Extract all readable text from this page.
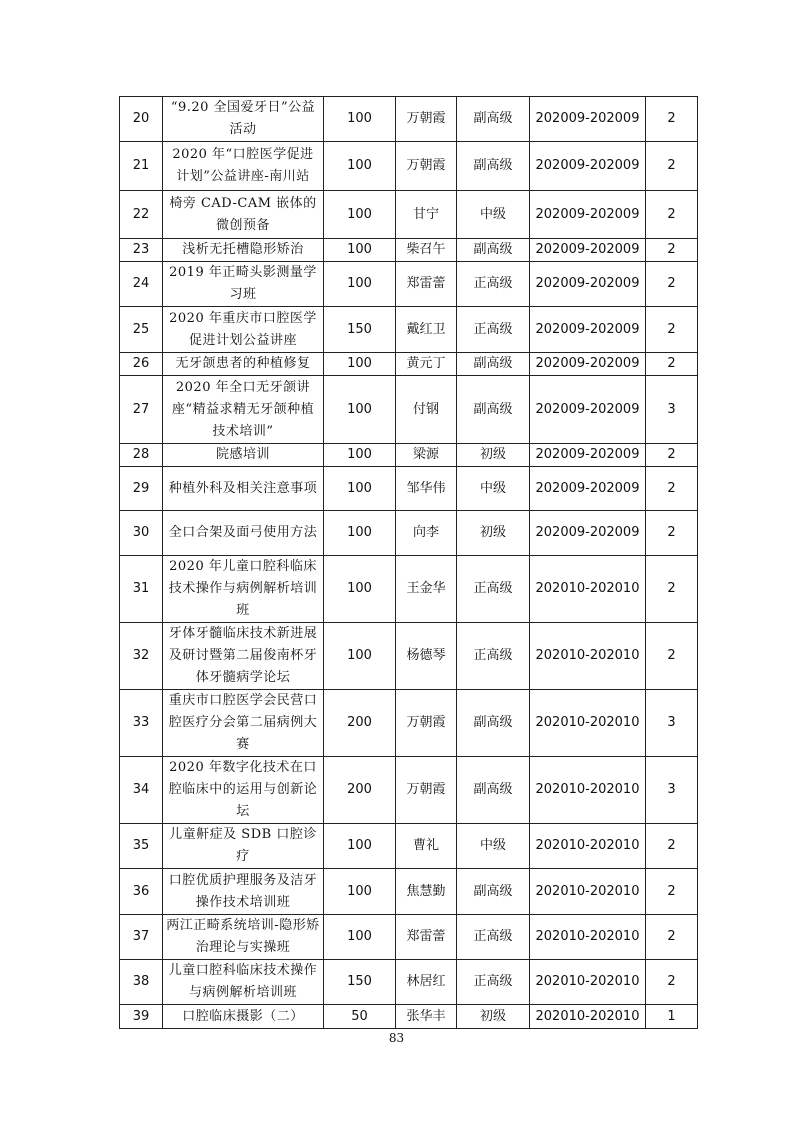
20	“9.20 全国爱牙日”公益活动	100	万朝霞	副高级	202009-202009	2
21	2020 年“口腔医学促进计划”公益讲座-南川站	100	万朝霞	副高级	202009-202009	2
22	椅旁 CAD-CAM 嵌体的微创预备	100	甘宁	中级	202009-202009	2
23	浅析无托槽隐形矫治	100	柴召午	副高级	202009-202009	2
24	2019 年正畸头影测量学习班	100	郑雷蕾	正高级	202009-202009	2
25	2020 年重庆市口腔医学促进计划公益讲座	150	戴红卫	正高级	202009-202009	2
26	无牙颌患者的种植修复	100	黄元丁	副高级	202009-202009	2
27	2020 年全口无牙颌讲座“精益求精无牙颌种植技术培训”	100	付钢	副高级	202009-202009	3
28	院感培训	100	梁源	初级	202009-202009	2
29	种植外科及相关注意事项	100	邹华伟	中级	202009-202009	2
30	全口合架及面弓使用方法	100	向李	初级	202009-202009	2
31	2020 年儿童口腔科临床技术操作与病例解析培训班	100	王金华	正高级	202010-202010	2
32	牙体牙髓临床技术新进展及研讨暨第二届俊南杯牙体牙髓病学论坛	100	杨德琴	正高级	202010-202010	2
33	重庆市口腔医学会民营口腔医疗分会第二届病例大赛	200	万朝霞	副高级	202010-202010	3
34	2020 年数字化技术在口腔临床中的运用与创新论坛	200	万朝霞	副高级	202010-202010	3
35	儿童鼾症及 SDB 口腔诊疗	100	曹礼	中级	202010-202010	2
36	口腔优质护理服务及洁牙操作技术培训班	100	焦慧勤	副高级	202010-202010	2
37	两江正畸系统培训-隐形矫治理论与实操班	100	郑雷蕾	正高级	202010-202010	2
38	儿童口腔科临床技术操作与病例解析培训班	150	林居红	正高级	202010-202010	2
39	口腔临床摄影（二）	50	张华丰	初级	202010-202010	1
83
